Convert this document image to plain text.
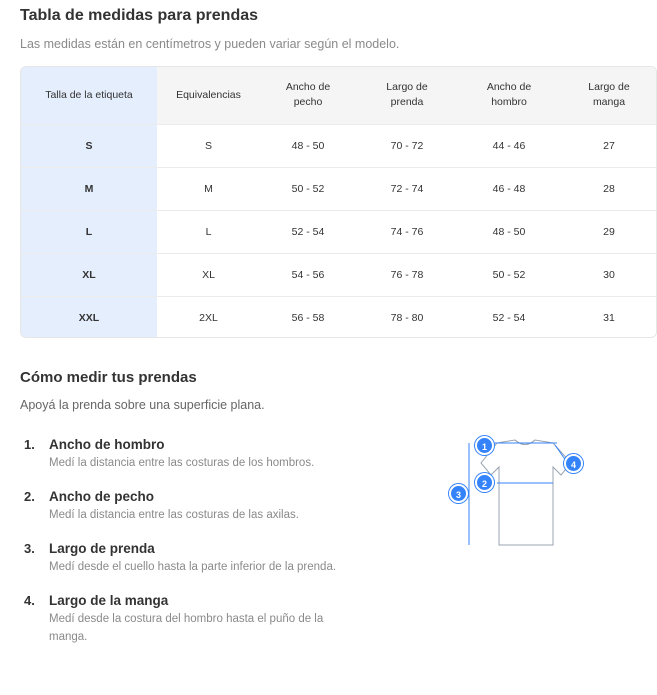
Tabla de medidas para prendas
Las medidas están en centímetros y pueden variar según el modelo.
Talla de la etiqueta	Equivalencias	Ancho de pecho	Largo de prenda	Ancho de hombro	Largo de manga
S	S	48 - 50	70 - 72	44 - 46	27
M	M	50 - 52	72 - 74	46 - 48	28
L	L	52 - 54	74 - 76	48 - 50	29
XL	XL	54 - 56	76 - 78	50 - 52	30
XXL	2XL	56 - 58	78 - 80	52 - 54	31
Cómo medir tus prendas
Apoyá la prenda sobre una superficie plana.
1.	Ancho de hombro
Medí la distancia entre las costuras de los hombros.
2.	Ancho de pecho
Medí la distancia entre las costuras de las axilas.
3.	Largo de prenda
Medí desde el cuello hasta la parte inferior de la prenda.
4.	Largo de la manga
Medí desde la costura del hombro hasta el puño de la manga.
1
2
3
4
